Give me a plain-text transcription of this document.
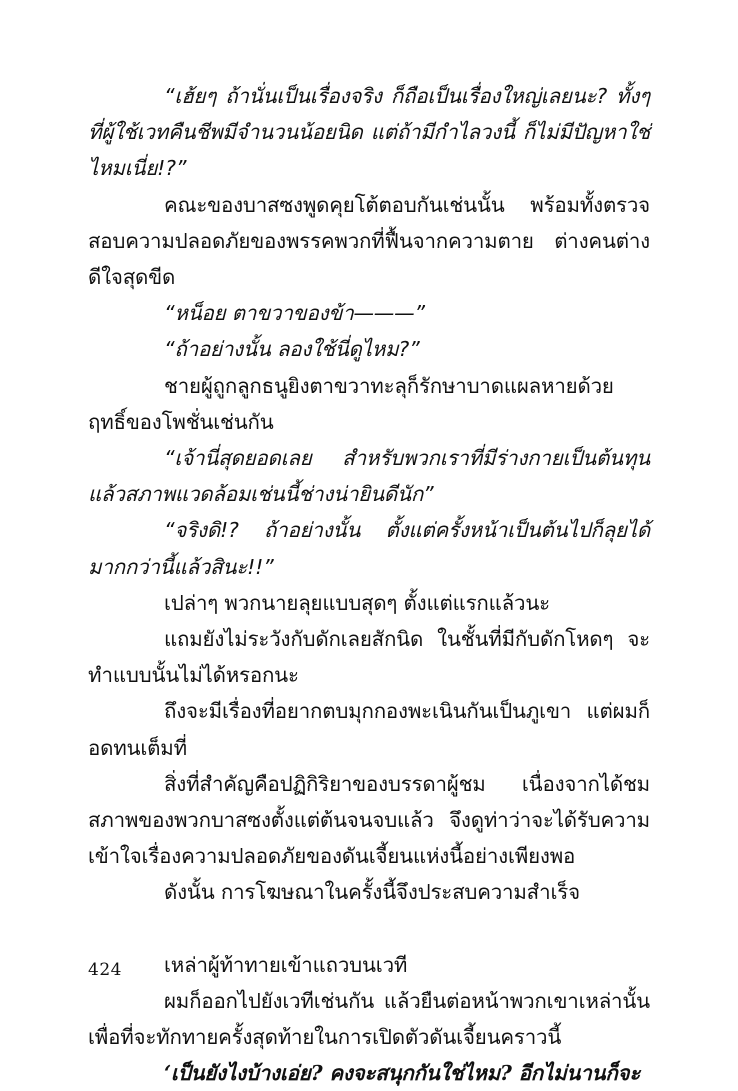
“เฮ้ยๆ ถ้านั่นเป็นเรื่องจริง ก็ถือเป็นเรื่องใหญ่เลยนะ? ทั้งๆ ที่ผู้ใช้เวทคืนชีพมีจำนวนน้อยนิด แต่ถ้ามีกำไลวงนี้ ก็ไม่มีปัญหาใช่ไหมเนี่ย!?”

คณะของบาสซงพูดคุยโต้ตอบกันเช่นนั้น พร้อมทั้งตรวจสอบความปลอดภัยของพรรคพวกที่ฟื้นจากความตาย ต่างคนต่างดีใจสุดขีด

“หน็อย ตาขวาของข้า———”

“ถ้าอย่างนั้น ลองใช้นี่ดูไหม?”

ชายผู้ถูกลูกธนูยิงตาขวาทะลุก็รักษาบาดแผลหายด้วยฤทธิ์ของโพชั่นเช่นกัน

“เจ้านี่สุดยอดเลย สำหรับพวกเราที่มีร่างกายเป็นต้นทุนแล้วสภาพแวดล้อมเช่นนี้ช่างน่ายินดีนัก”

“จริงดิ!? ถ้าอย่างนั้น ตั้งแต่ครั้งหน้าเป็นต้นไปก็ลุยได้มากกว่านี้แล้วสินะ!!”

เปล่าๆ พวกนายลุยแบบสุดๆ ตั้งแต่แรกแล้วนะ

แถมยังไม่ระวังกับดักเลยสักนิด ในชั้นที่มีกับดักโหดๆ จะทำแบบนั้นไม่ได้หรอกนะ

ถึงจะมีเรื่องที่อยากตบมุกกองพะเนินกันเป็นภูเขา แต่ผมก็อดทนเต็มที่

สิ่งที่สำคัญคือปฏิกิริยาของบรรดาผู้ชม เนื่องจากได้ชมสภาพของพวกบาสซงตั้งแต่ต้นจนจบแล้ว จึงดูท่าว่าจะได้รับความเข้าใจเรื่องความปลอดภัยของดันเจี้ยนแห่งนี้อย่างเพียงพอ

ดังนั้น การโฆษณาในครั้งนี้จึงประสบความสำเร็จ

เหล่าผู้ท้าทายเข้าแถวบนเวที

ผมก็ออกไปยังเวทีเช่นกัน แล้วยืนต่อหน้าพวกเขาเหล่านั้น เพื่อที่จะทักทายครั้งสุดท้ายในการเปิดตัวดันเจี้ยนคราวนี้

‘เป็นยังไงบ้างเอ่ย? คงจะสนุกกันใช่ไหม? อีกไม่นานก็จะ

424
